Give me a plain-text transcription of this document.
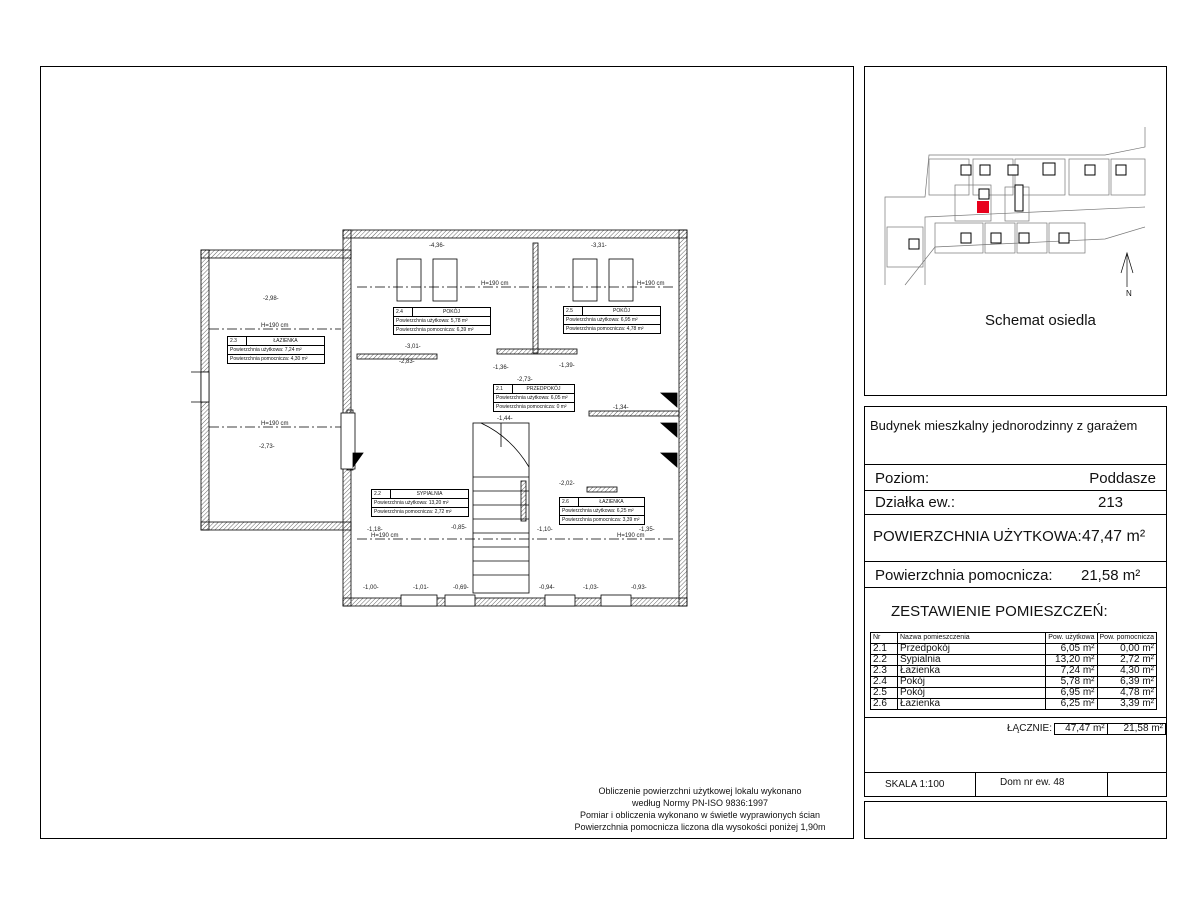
-4,36-	-3,31-
-2,98-
-3,01-
-2,83-
-2,73-
-1,36-	-1,39-
-2,73-
-1,34-
-1,44-
-2,02-
-1,18-	-0,85-	-1,10-	-1,35-
-1,00-	-1,01-	-0,69-	-0,94-	-1,03-	-0,93-
H=190 cm	H=190 cm
H=190 cm
H=190 cm
H=190 cm	H=190 cm
2.1	PRZEDPOKÓJ
Powierzchnia użytkowa: 6,05 m²
Powierzchnia pomocnicza: 0 m²
2.2	SYPIALNIA
Powierzchnia użytkowa: 13,20 m²
Powierzchnia pomocnicza: 2,72 m²
2.3	ŁAZIENKA
Powierzchnia użytkowa: 7,24 m²
Powierzchnia pomocnicza: 4,30 m²
2.4	POKÓJ
Powierzchnia użytkowa: 5,78 m²
Powierzchnia pomocnicza: 6,39 m²
2.5	POKÓJ
Powierzchnia użytkowa: 6,95 m²
Powierzchnia pomocnicza: 4,78 m²
2.6	ŁAZIENKA
Powierzchnia użytkowa: 6,25 m²
Powierzchnia pomocnicza: 3,39 m²
Obliczenie powierzchni użytkowej lokalu wykonano
według Normy PN-ISO 9836:1997
Pomiar i obliczenia wykonano w świetle wyprawionych ścian
Powierzchnia pomocnicza liczona dla wysokości poniżej 1,90m
N
Schemat osiedla
Budynek mieszkalny jednorodzinny z garażem
Poziom:	Poddasze
Działka ew.:	213
POWIERZCHNIA UŻYTKOWA: 47,47 m²
Powierzchnia pomocnicza: 21,58 m²
ZESTAWIENIE POMIESZCZEŃ:
Nr	Nazwa pomieszczenia	Pow. użytkowa	Pow. pomocnicza
2.1	Przedpokój	6,05 m²	0,00 m²
2.2	Sypialnia	13,20 m²	2,72 m²
2.3	Łazienka	7,24 m²	4,30 m²
2.4	Pokój	5,78 m²	6,39 m²
2.5	Pokój	6,95 m²	4,78 m²
2.6	Łazienka	6,25 m²	3,39 m²
ŁĄCZNIE:	47,47 m²	21,58 m²
SKALA 1:100	Dom nr ew. 48
